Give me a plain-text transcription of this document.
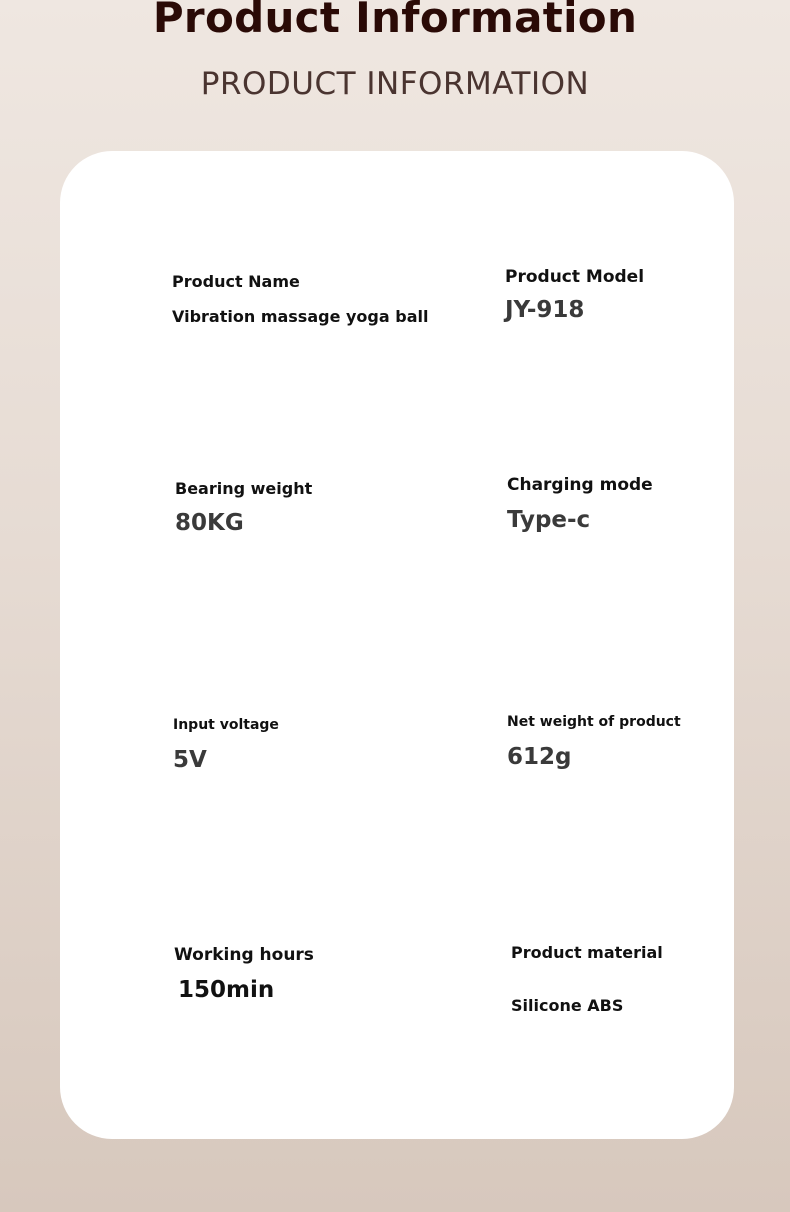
Product Information
PRODUCT INFORMATION
Product Name
Vibration massage yoga ball
Product Model
JY-918
Bearing weight
80KG
Charging mode
Type-c
Input voltage
5V
Net weight of product
612g
Working hours
150min
Product material
Silicone ABS
